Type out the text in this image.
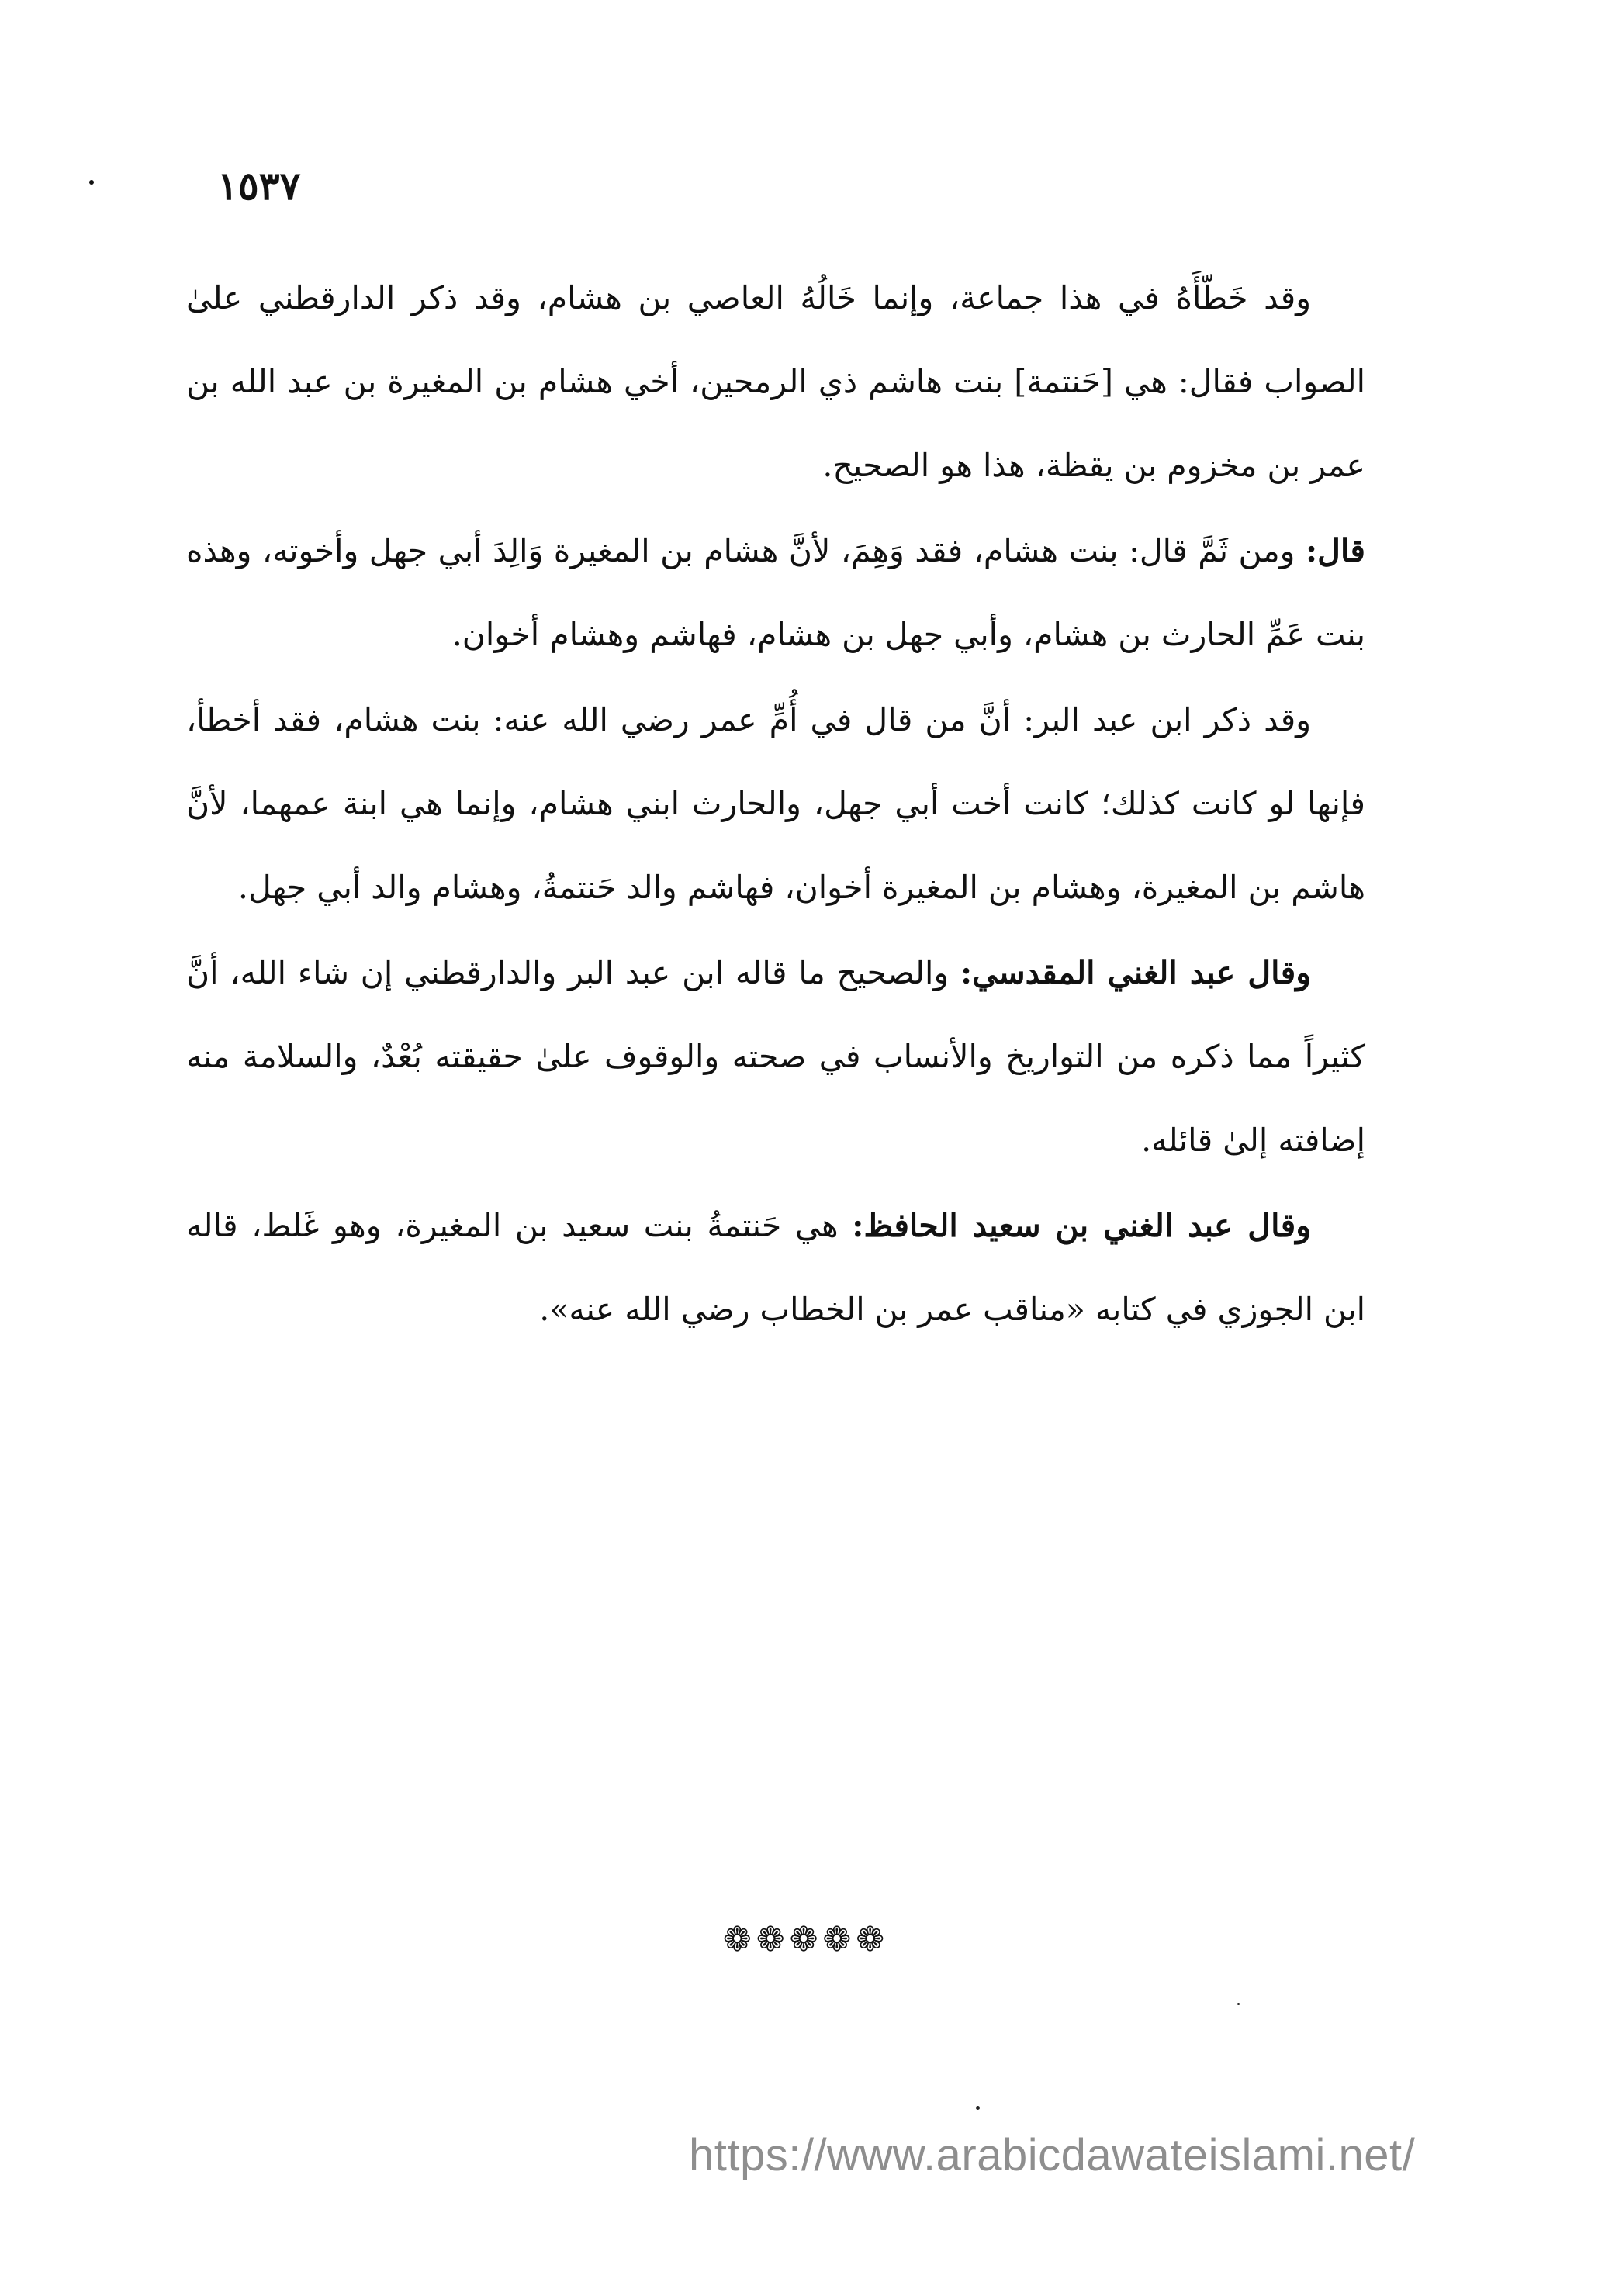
١٥٣٧

وقد خَطّأَهُ في هذا جماعة، وإنما خَالُهُ العاصي بن هشام، وقد ذكر الدارقطني علىٰ الصواب فقال: هي [حَنتمة] بنت هاشم ذي الرمحين، أخي هشام بن المغيرة بن عبد الله بن عمر بن مخزوم بن يقظة، هذا هو الصحيح.

قال: ومن ثَمَّ قال: بنت هشام، فقد وَهِمَ، لأنَّ هشام بن المغيرة وَالِدَ أبي جهل وأخوته، وهذه بنت عَمِّ الحارث بن هشام، وأبي جهل بن هشام، فهاشم وهشام أخوان.

وقد ذكر ابن عبد البر: أنَّ من قال في أُمِّ عمر رضي الله عنه: بنت هشام، فقد أخطأ، فإنها لو كانت كذلك؛ كانت أخت أبي جهل، والحارث ابني هشام، وإنما هي ابنة عمهما، لأنَّ هاشم بن المغيرة، وهشام بن المغيرة أخوان، فهاشم والد حَنتمةُ، وهشام والد أبي جهل.

وقال عبد الغني المقدسي: والصحيح ما قاله ابن عبد البر والدارقطني إن شاء الله، أنَّ كثيراً مما ذكره من التواريخ والأنساب في صحته والوقوف علىٰ حقيقته بُعْدٌ، والسلامة منه إضافته إلىٰ قائله.

وقال عبد الغني بن سعيد الحافظ: هي حَنتمةُ بنت سعيد بن المغيرة، وهو غَلط، قاله ابن الجوزي في كتابه «مناقب عمر بن الخطاب رضي الله عنه».

❁❁❁❁❁
https://www.arabicdawateislami.net/
